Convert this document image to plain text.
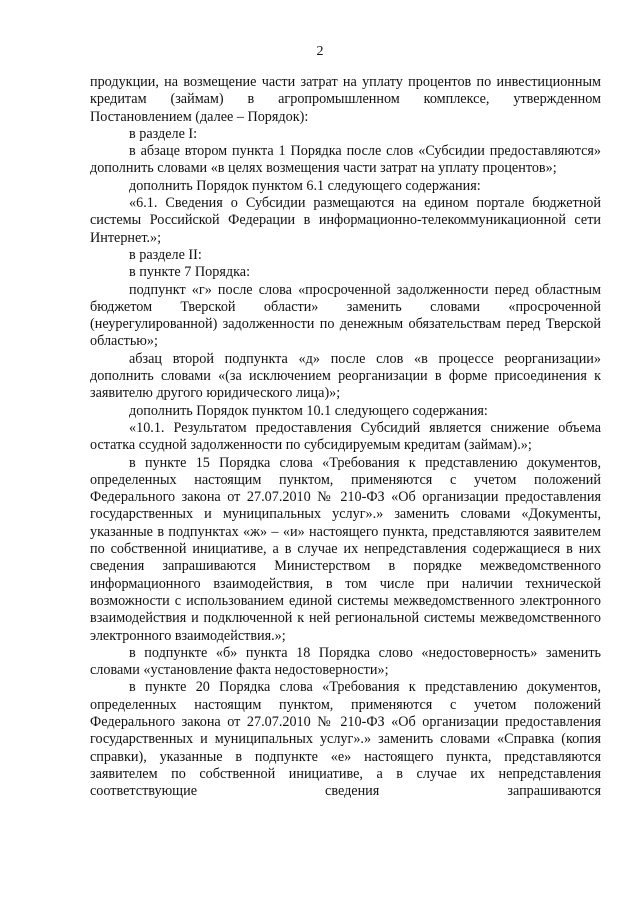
2

продукции, на возмещение части затрат на уплату процентов по инвестиционным кредитам (займам) в агропромышленном комплексе, утвержденном Постановлением (далее – Порядок):

в разделе I:

в абзаце втором пункта 1 Порядка после слов «Субсидии предоставляются» дополнить словами «в целях возмещения части затрат на уплату процентов»;

дополнить Порядок пунктом 6.1 следующего содержания:

«6.1. Сведения о Субсидии размещаются на едином портале бюджетной системы Российской Федерации в информационно-телекоммуникационной сети Интернет.»;

в разделе II:

в пункте 7 Порядка:

подпункт «г» после слова «просроченной задолженности перед областным бюджетом Тверской области» заменить словами «просроченной (неурегулированной) задолженности по денежным обязательствам перед Тверской областью»;

абзац второй подпункта «д» после слов «в процессе реорганизации» дополнить словами «(за исключением реорганизации в форме присоединения к заявителю другого юридического лица)»;

дополнить Порядок пунктом 10.1 следующего содержания:

«10.1. Результатом предоставления Субсидий является снижение объема остатка ссудной задолженности по субсидируемым кредитам (займам).»;

в пункте 15 Порядка слова «Требования к представлению документов, определенных настоящим пунктом, применяются с учетом положений Федерального закона от 27.07.2010 № 210-ФЗ «Об организации предоставления государственных и муниципальных услуг».» заменить словами «Документы, указанные в подпунктах «ж» – «и» настоящего пункта, представляются заявителем по собственной инициативе, а в случае их непредставления содержащиеся в них сведения запрашиваются Министерством в порядке межведомственного информационного взаимодействия, в том числе при наличии технической возможности с использованием единой системы межведомственного электронного взаимодействия и подключенной к ней региональной системы межведомственного электронного взаимодействия.»;

в подпункте «б» пункта 18 Порядка слово «недостоверность» заменить словами «установление факта недостоверности»;

в пункте 20 Порядка слова «Требования к представлению документов, определенных настоящим пунктом, применяются с учетом положений Федерального закона от 27.07.2010 № 210-ФЗ «Об организации предоставления государственных и муниципальных услуг».» заменить словами «Справка (копия справки), указанные в подпункте «е» настоящего пункта, представляются заявителем по собственной инициативе, а в случае их непредставления соответствующие сведения запрашиваются
